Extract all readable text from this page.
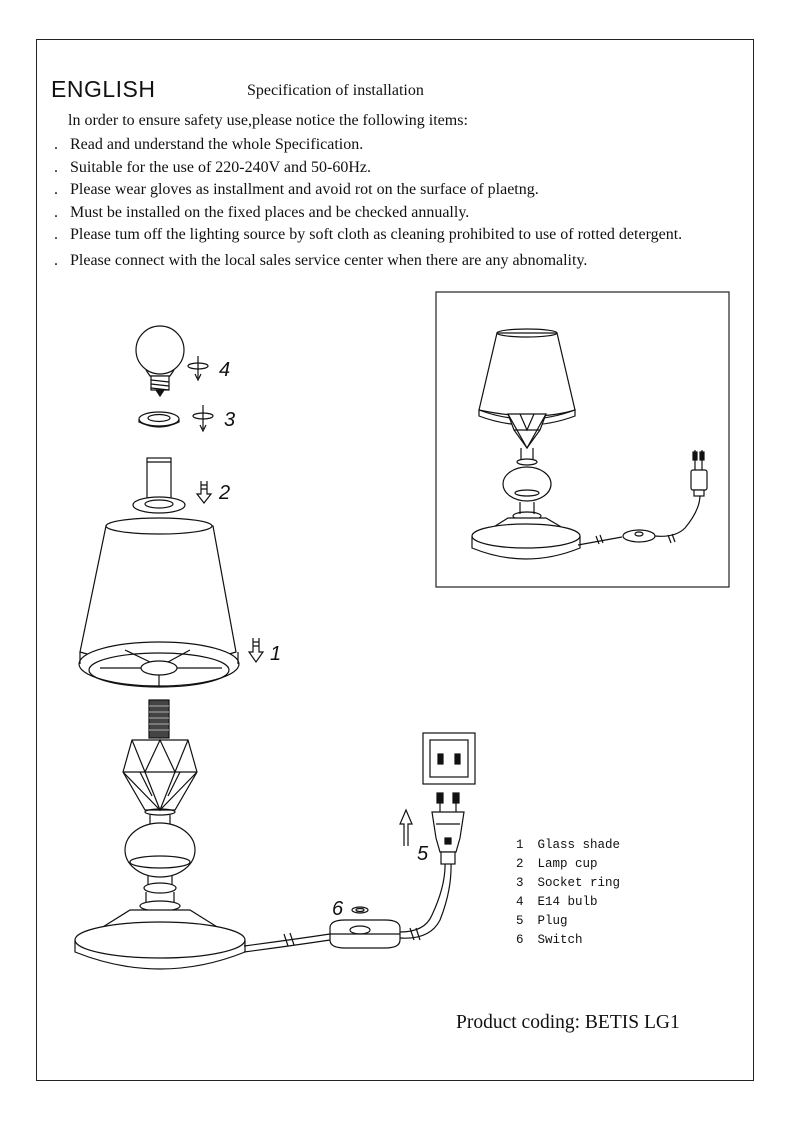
ENGLISH	Specification of installation
ln order to ensure safety use,please notice the following items:
. Read and understand the whole Specification.
. Suitable for the use of 220-240V and 50-60Hz.
. Please wear gloves as installment and avoid rot on the surface of plaetng.
. Must be installed on the fixed places and be checked annually.
. Please tum off the lighting source by soft cloth as cleaning prohibited to use of rotted detergent.
. Please connect with the local sales service center when there are any abnomality.
4
3
2
1
5
6
1 Glass shade
2 Lamp cup
3 Socket ring
4 E14 bulb
5 Plug
6 Switch
Product coding: BETIS LG1
